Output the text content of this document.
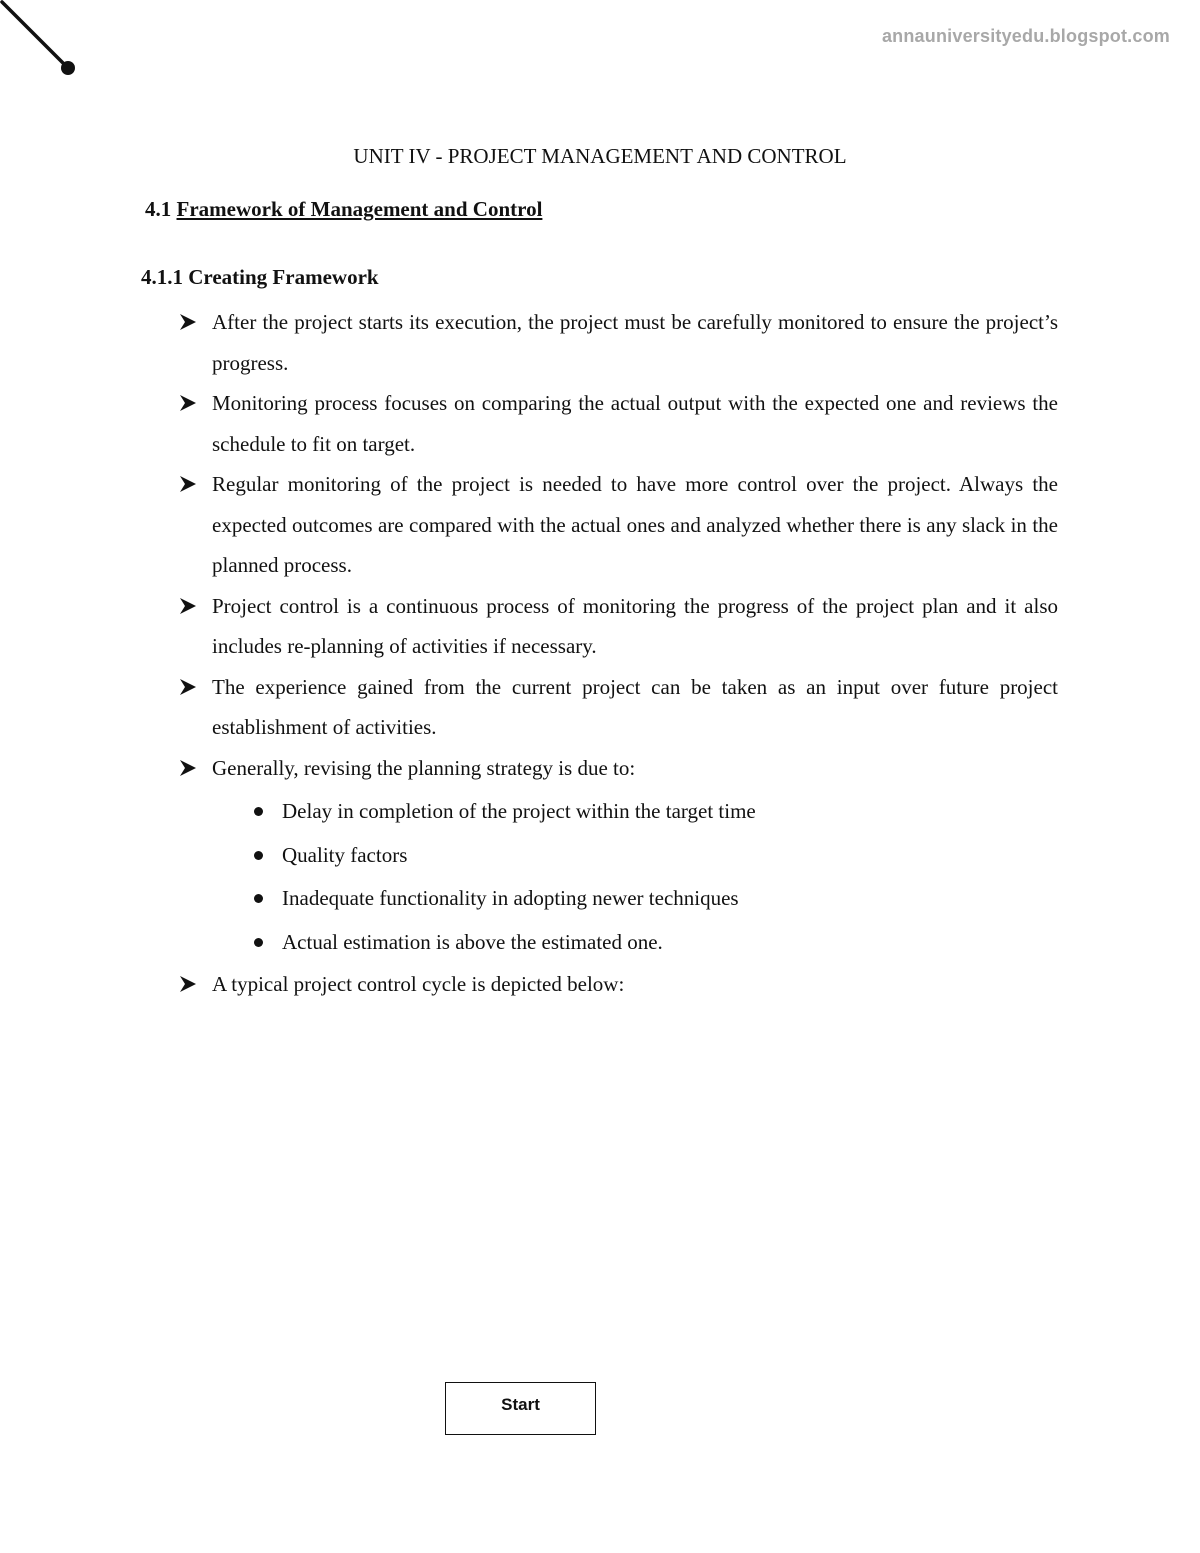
annauniversityedu.blogspot.com
UNIT IV - PROJECT MANAGEMENT AND CONTROL
4.1 Framework of Management and Control
4.1.1 Creating Framework
After the project starts its execution, the project must be carefully monitored to ensure the project’s progress.
Monitoring process focuses on comparing the actual output with the expected one and reviews the schedule to fit on target.
Regular monitoring of the project is needed to have more control over the project. Always the expected outcomes are compared with the actual ones and analyzed whether there is any slack in the planned process.
Project control is a continuous process of monitoring the progress of the project plan and it also includes re-planning of activities if necessary.
The experience gained from the current project can be taken as an input over future project establishment of activities.
Generally, revising the planning strategy is due to:
Delay in completion of the project within the target time
Quality factors
Inadequate functionality in adopting newer techniques
Actual estimation is above the estimated one.
A typical project control cycle is depicted below:
Start
